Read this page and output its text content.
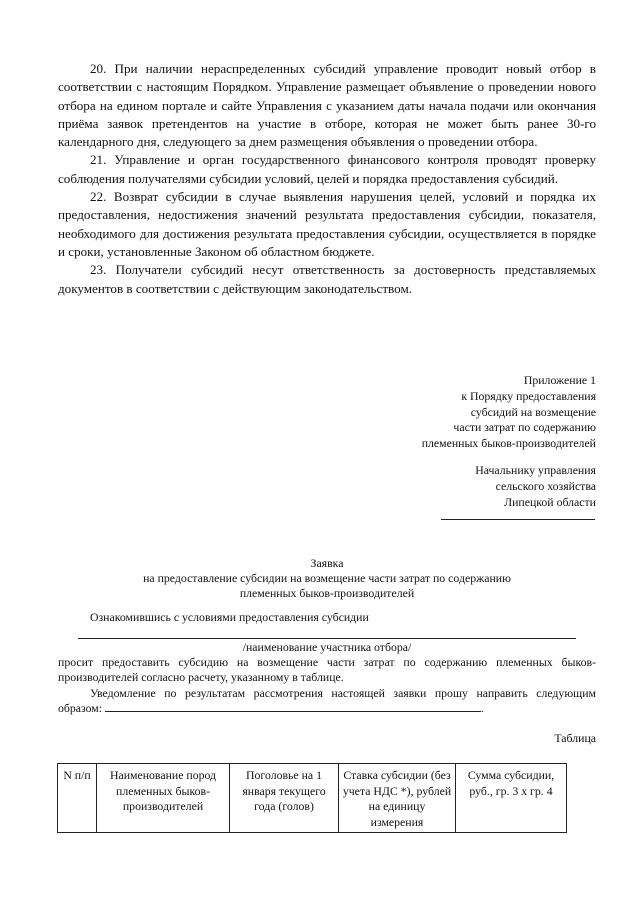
20. При наличии нераспределенных субсидий управление проводит новый отбор в соответствии с настоящим Порядком. Управление размещает объявление о проведении нового отбора на едином портале и сайте Управления с указанием даты начала подачи или окончания приёма заявок претендентов на участие в отборе, которая не может быть ранее 30-го календарного дня, следующего за днем размещения объявления о проведении отбора.

21. Управление и орган государственного финансового контроля проводят проверку соблюдения получателями субсидии условий, целей и порядка предоставления субсидий.

22. Возврат субсидии в случае выявления нарушения целей, условий и порядка их предоставления, недостижения значений результата предоставления субсидии, показателя, необходимого для достижения результата предоставления субсидии, осуществляется в порядке и сроки, установленные Законом об областном бюджете.

23. Получатели субсидий несут ответственность за достоверность представляемых документов в соответствии с действующим законодательством.

Приложение 1
к Порядку предоставления
субсидий на возмещение
части затрат по содержанию
племенных быков-производителей
Начальнику управления
сельского хозяйства
Липецкой области
Заявка
на предоставление субсидии на возмещение части затрат по содержанию
племенных быков-производителей
Ознакомившись с условиями предоставления субсидии
/наименование участника отбора/

просит предоставить субсидию на возмещение части затрат по содержанию племенных быков-производителей согласно расчету, указанному в таблице.

Уведомление по результатам рассмотрения настоящей заявки прошу направить следующим образом:	.

Таблица
N п/п	Наименование пород племенных быков-производителей	Поголовье на 1 января текущего года (голов)	Ставка субсидии (без учета НДС *), рублей на единицу измерения	Сумма субсидии, руб., гр. 3 х гр. 4
